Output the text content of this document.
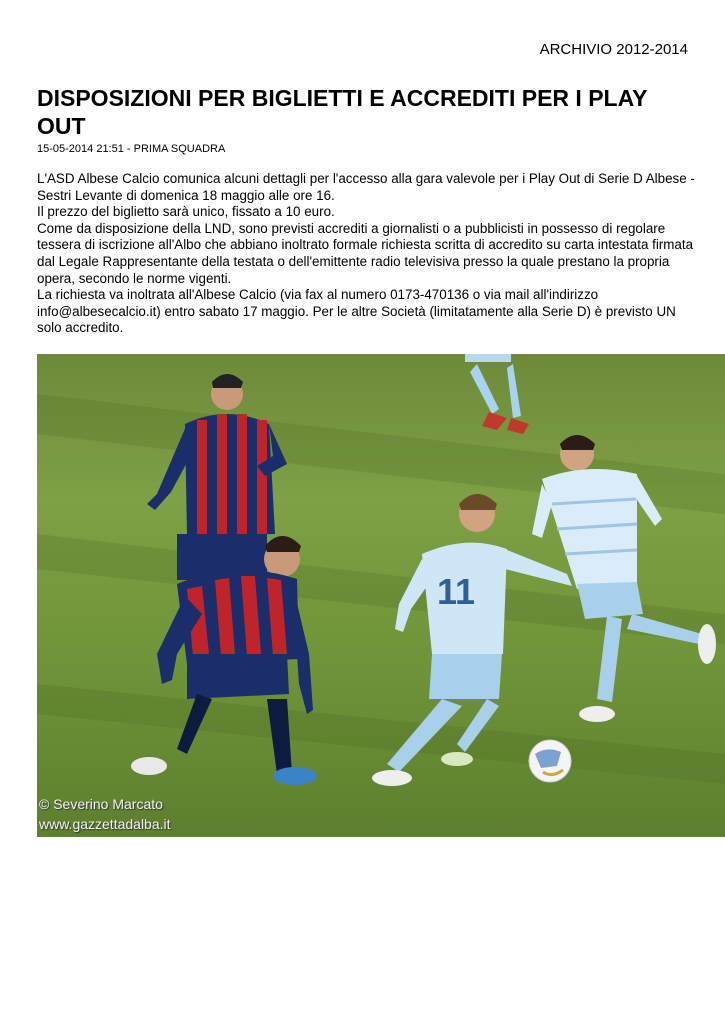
ARCHIVIO 2012-2014
DISPOSIZIONI PER BIGLIETTI E ACCREDITI PER I PLAY OUT
15-05-2014 21:51 - PRIMA SQUADRA

L'ASD Albese Calcio comunica alcuni dettagli per l'accesso alla gara valevole per i Play Out di Serie D Albese - Sestri Levante di domenica 18 maggio alle ore 16.

Il prezzo del biglietto sarà unico, fissato a 10 euro.

Come da disposizione della LND, sono previsti accrediti a giornalisti o a pubblicisti in possesso di regolare tessera di iscrizione all'Albo che abbiano inoltrato formale richiesta scritta di accredito su carta intestata firmata dal Legale Rappresentante della testata o dell'emittente radio televisiva presso la quale prestano la propria opera, secondo le norme vigenti.

La richiesta va inoltrata all'Albese Calcio (via fax al numero 0173-470136 o via mail all'indirizzo info@albesecalcio.it) entro sabato 17 maggio. Per le altre Società (limitatamente alla Serie D) è previsto UN solo accredito.

11
© Severino Marcato
www.gazzettadalba.it
